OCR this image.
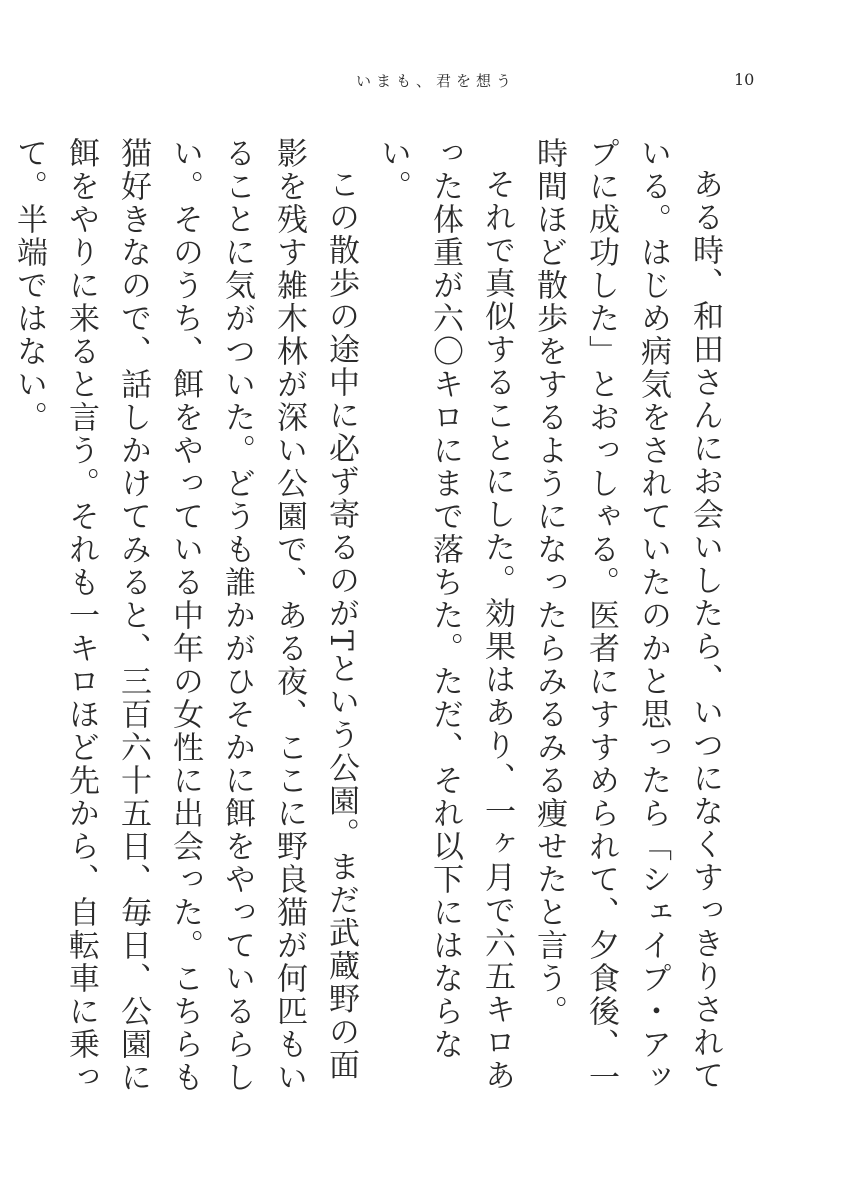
いまも、君を想う	10

ある時、和田さんにお会いしたら、いつになくすっきりされている。はじめ病気をされていたのかと思ったら「シェイプ・アップに成功した」とおっしゃる。医者にすすめられて、夕食後、一時間ほど散歩をするようになったらみるみる痩せたと言う。

それで真似することにした。効果はあり、一ヶ月で六五キロあった体重が六〇キロにまで落ちた。ただ、それ以下にはならない。

この散歩の途中に必ず寄るのがTという公園。まだ武蔵野の面影を残す雑木林が深い公園で、ある夜、ここに野良猫が何匹もいることに気がついた。どうも誰かがひそかに餌をやっているらしい。そのうち、餌をやっている中年の女性に出会った。こちらも猫好きなので、話しかけてみると、三百六十五日、毎日、公園に餌をやりに来ると言う。それも一キロほど先から、自転車に乗って。半端ではない。
